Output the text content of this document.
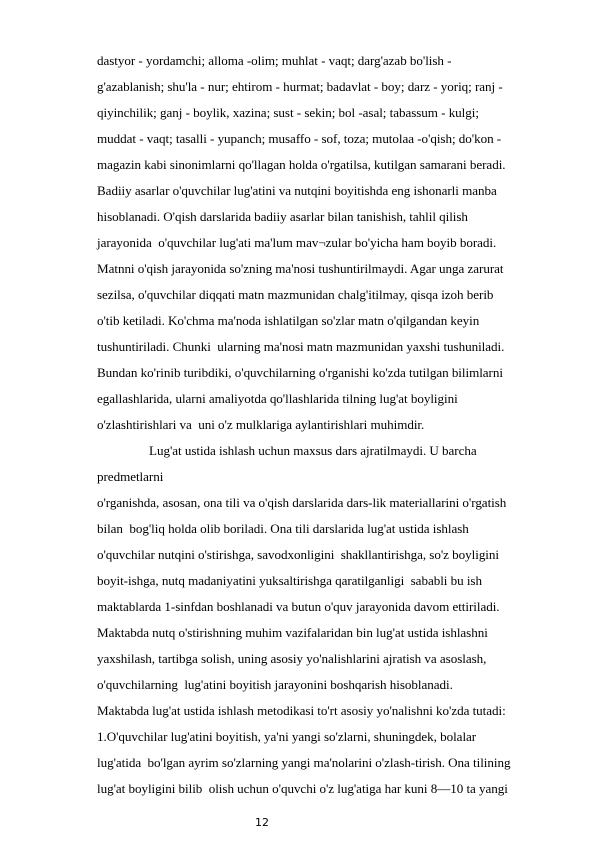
dastyor - yordamchi; alloma -olim; muhlat - vaqt; darg'azab bo'lish -
g'azablanish; shu'la - nur; ehtirom - hurmat; badavlat - boy; darz - yoriq; ranj -
qiyinchilik; ganj - boylik, xazina; sust - sekin; bol -asal; tabassum - kulgi;
muddat - vaqt; tasalli - yupanch; musaffo - sof, toza; mutolaa -o'qish; do'kon -
magazin kabi sinonimlarni qo'llagan holda o'rgatilsa, kutilgan samarani beradi.
Badiiy asarlar o'quvchilar lug'atini va nutqini boyitishda eng ishonarli manba
hisoblanadi. O'qish darslarida badiiy asarlar bilan tanishish, tahlil qilish
jarayonida  o'quvchilar lug'ati ma'lum mav¬zular bo'yicha ham boyib boradi.
Matnni o'qish jarayonida so'zning ma'nosi tushuntirilmaydi. Agar unga zarurat
sezilsa, o'quvchilar diqqati matn mazmunidan chalg'itilmay, qisqa izoh berib
o'tib ketiladi. Ko'chma ma'noda ishlatilgan so'zlar matn o'qilgandan keyin
tushuntiriladi. Chunki  ularning ma'nosi matn mazmunidan yaxshi tushuniladi.
Bundan ko'rinib turibdiki, o'quvchilarning o'rganishi ko'zda tutilgan bilimlarni
egallashlarida, ularni amaliyotda qo'llashlarida tilning lug'at boyligini
o'zlashtirishlari va  uni o'z mulklariga aylantirishlari muhimdir.
Lug'at ustida ishlash uchun maxsus dars ajratilmaydi. U barcha
predmetlarni
o'rganishda, asosan, ona tili va o'qish darslarida dars-lik materiallarini o'rgatish
bilan  bog'liq holda olib boriladi. Ona tili darslarida lug'at ustida ishlash
o'quvchilar nutqini o'stirishga, savodxonligini  shakllantirishga, so'z boyligini
boyit-ishga, nutq madaniyatini yuksaltirishga qaratilganligi  sababli bu ish
maktablarda 1-sinfdan boshlanadi va butun o'quv jarayonida davom ettiriladi.
Maktabda nutq o'stirishning muhim vazifalaridan bin lug'at ustida ishlashni
yaxshilash, tartibga solish, uning asosiy yo'nalishlarini ajratish va asoslash,
o'quvchilarning  lug'atini boyitish jarayonini boshqarish hisoblanadi.
Maktabda lug'at ustida ishlash metodikasi to'rt asosiy yo'nalishni ko'zda tutadi:
1.O'quvchilar lug'atini boyitish, ya'ni yangi so'zlarni, shuningdek, bolalar
lug'atida  bo'lgan ayrim so'zlarning yangi ma'nolarini o'zlash-tirish. Ona tilining
lug'at boyligini bilib  olish uchun o'quvchi o'z lug'atiga har kuni 8—10 ta yangi
12
